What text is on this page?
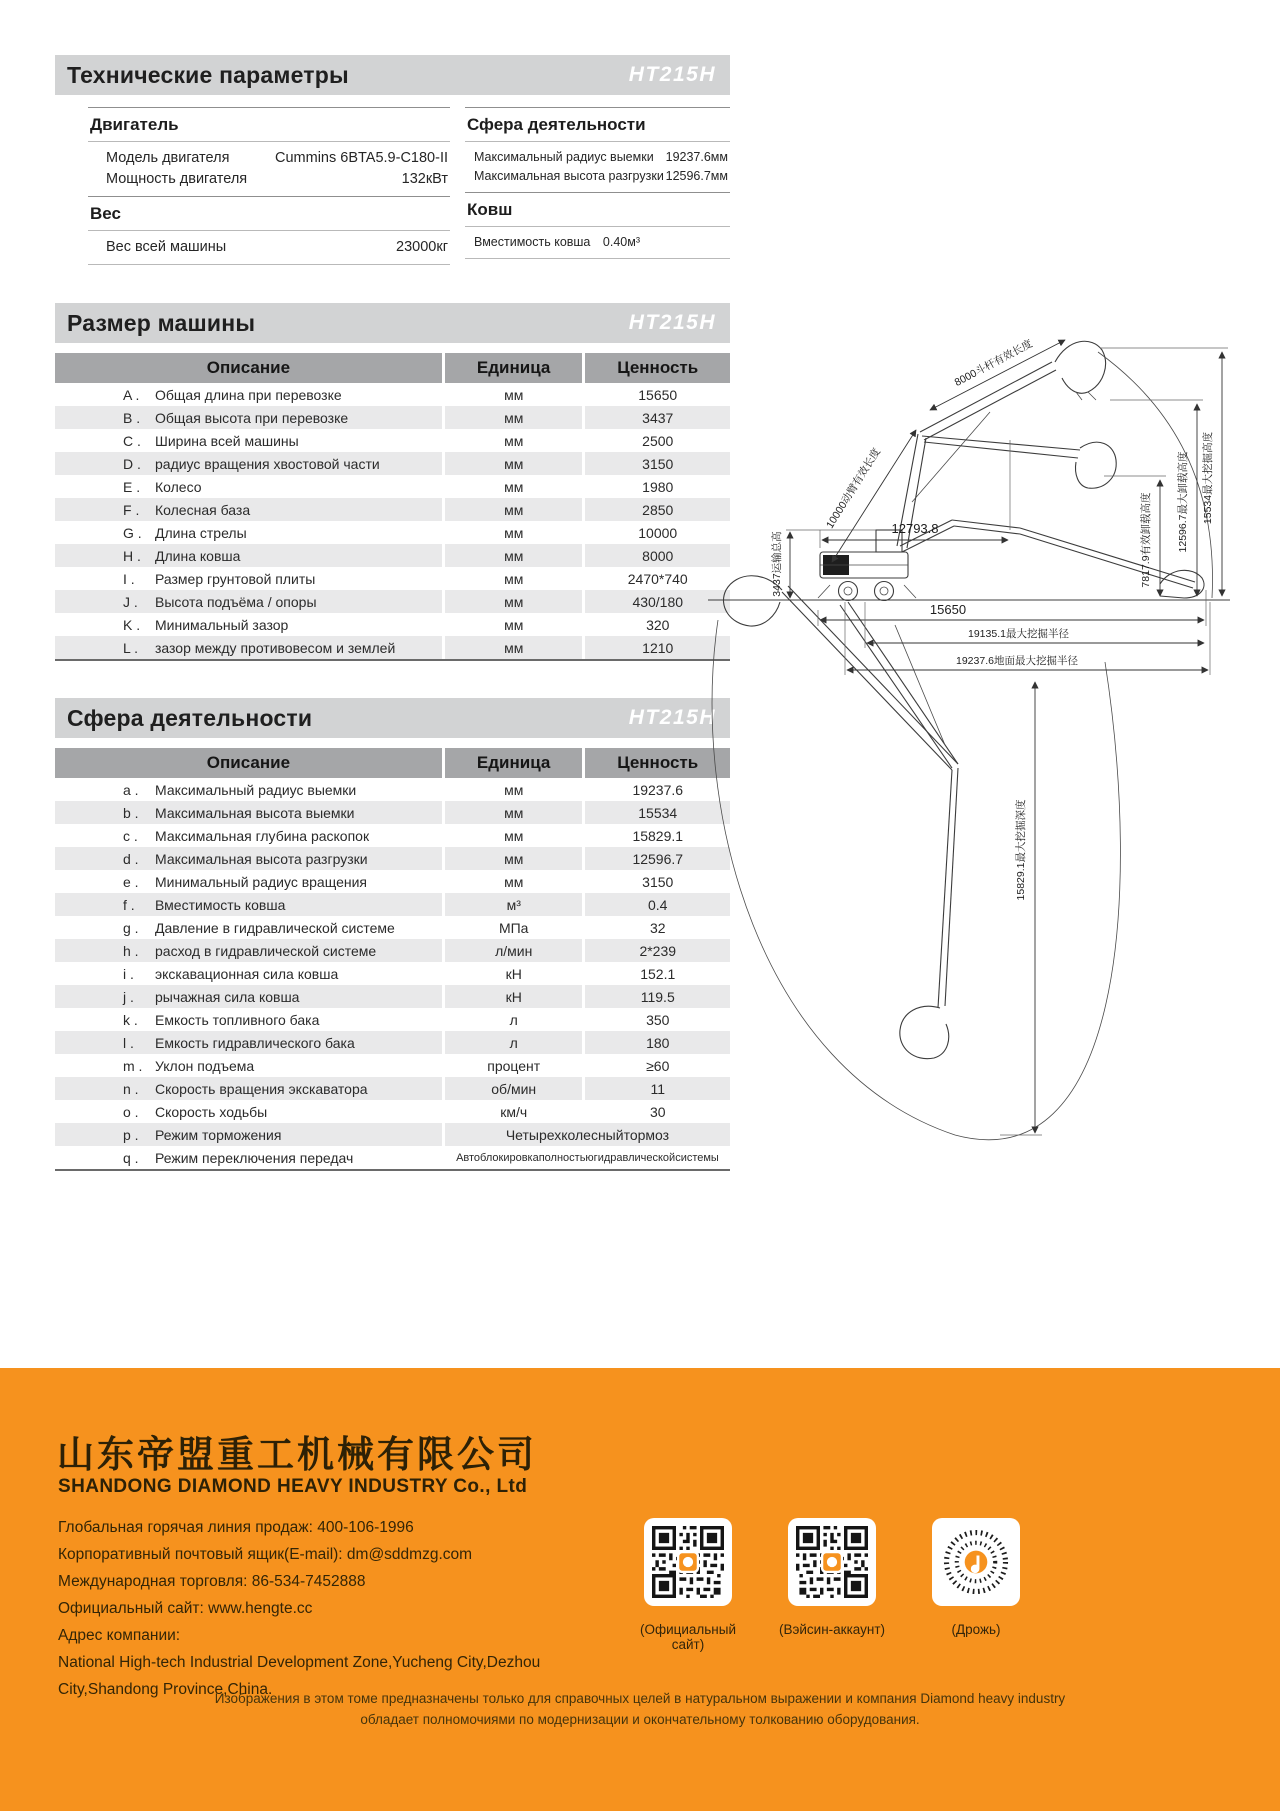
Технические параметры	HT215H
Двигатель
Модель двигателя	Cummins 6BTA5.9-C180-II
Мощность двигателя	132кВт
Вес
Вес всей машины	23000кг
Сфера деятельности
Максимальный радиус выемки 19237.6мм
Максимальная высота разгрузки 12596.7мм
Ковш
Вместимость ковша 0.40м³
Размер машины	HT215H
Описание	Единица	Ценность
A .	Общая длина при перевозке	мм	15650
B .	Общая высота при перевозке	мм	3437
C .	Ширина всей машины	мм	2500
D .	радиус вращения хвостовой части	мм	3150
E .	Колесо	мм	1980
F .	Колесная база	мм	2850
G . Длина стрелы	мм	10000
H .	Длина ковша	мм	8000
I .	Размер грунтовой плиты	мм	2470*740
J .	Высота подъёма / опоры	мм	430/180
K .	Минимальный зазор	мм	320
L .	зазор между противовесом и землей	мм	1210
Сфера деятельности	HT215H
Описание	Единица	Ценность
a .	Максимальный радиус выемки	мм	19237.6
b .	Максимальная высота выемки	мм	15534
c .	Максимальная глубина раскопок	мм	15829.1
d .	Максимальная высота разгрузки	мм	12596.7
e .	Минимальный радиус вращения	мм	3150
f .	Вместимость ковша	м³	0.4
g .	Давление в гидравлической системе	МПа	32
h .	расход в гидравлической системе	л/мин	2*239
i .	экскавационная сила ковша	кН	152.1
j .	рычажная сила ковша	кН	119.5
k .	Емкость топливного бака	л	350
l .	Емкость гидравлического бака	л	180
m . Уклон подъема	процент	≥60
n .	Скорость вращения экскаватора	об/мин	11
o .	Скорость ходьбы	км/ч	30
p .	Режим торможения	Четырехколесныйтормоз
q .	Режим переключения передач	Автоблокировкаполностьюгидравлическойсистемы
12793.8
3437运输总高
15650
19135.1最大挖掘半径
19237.6地面最大挖掘半径
15829.1最大挖掘深度
7817.9有效卸载高度 12596.7最大卸载高度 15534最大挖掘高度
8000斗杆有效长度
10000动臂有效长度
山东帝盟重工机械有限公司
SHANDONG DIAMOND HEAVY INDUSTRY Co., Ltd
Глобальная горячая линия продаж: 400-106-1996
Корпоративный почтовый ящик(E-mail): dm@sddmzg.com
Международная торговля: 86-534-7452888
Официальный сайт: www.hengte.cc
Адрес компании:
National High-tech Industrial Development Zone,Yucheng City,Dezhou City,Shandong Province,China.
(Официальный сайт)
(Вэйсин-аккаунт)	(Дрожь)
Изображения в этом томе предназначены только для справочных целей в натуральном выражении и компания Diamond heavy industry
обладает полномочиями по модернизации и окончательному толкованию оборудования.
